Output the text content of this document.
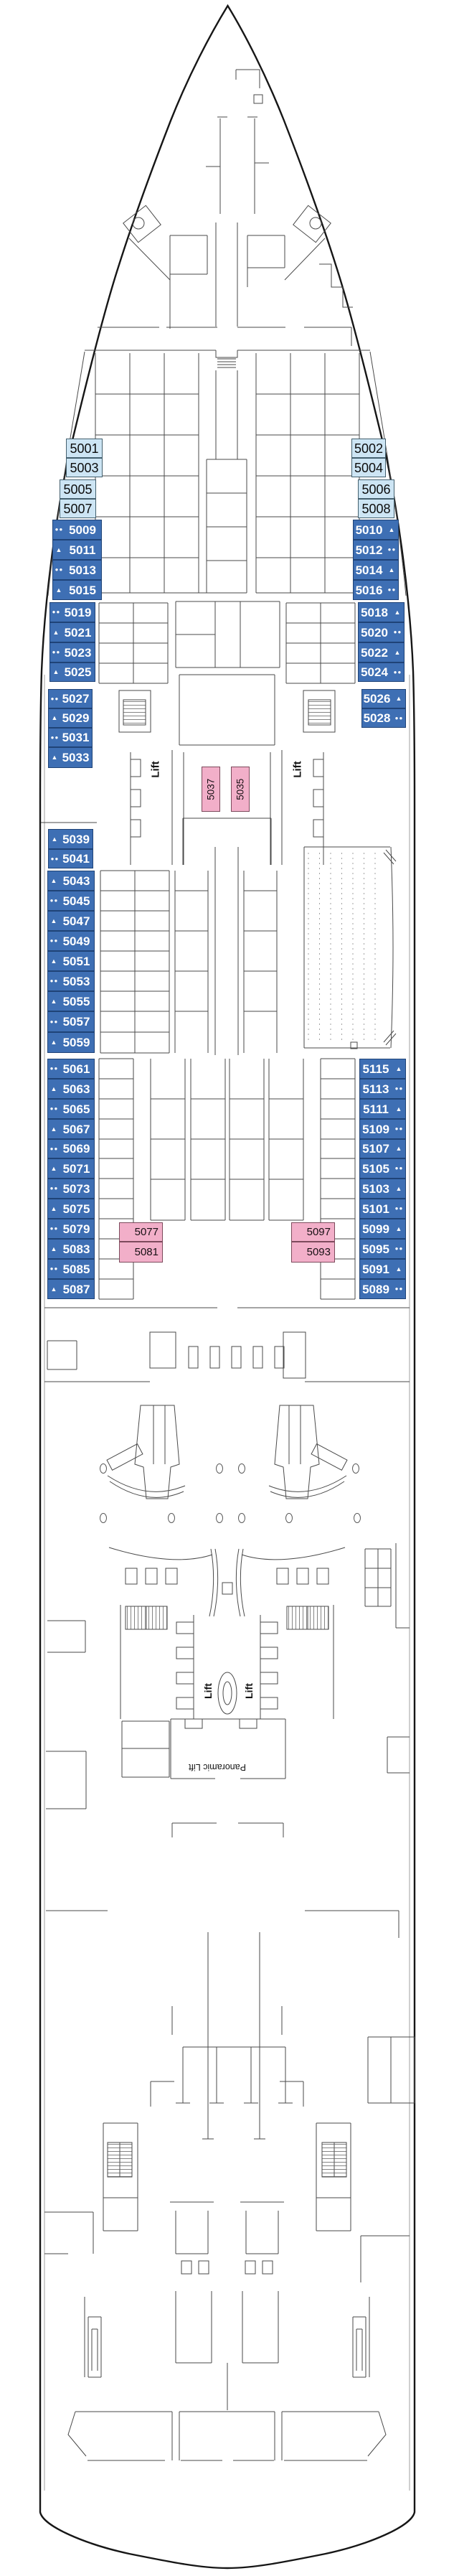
5001
5003
5005
5007
●● 5009
▲ 5011
●● 5013
▲ 5015
●● 5019
▲ 5021
●● 5023
▲ 5025
●● 5027
▲ 5029
●● 5031
▲ 5033
▲ 5039
●● 5041
▲ 5043
●● 5045
▲ 5047
●● 5049
▲ 5051
●● 5053
▲ 5055
●● 5057
▲ 5059
●● 5061
▲ 5063
●● 5065
▲ 5067
●● 5069
▲ 5071
●● 5073
▲ 5075
●● 5079
▲ 5083
●● 5085
▲ 5087
5002
5004
5006
5008
5010 ▲
5012 ●●
5014 ▲
5016 ●●
5018 ▲
5020 ●●
5022 ▲
5024 ●●
5026 ▲
5028 ●●
5115	▲
5113	●●
5111	▲
5109 ●●
5107 ▲
5105 ●●
5103 ▲
5101 ●●
5099 ▲
5095 ●●
5091 ▲
5089 ●●
5037 5035
5077
5081
5097
5093
Lift	Lift
Lift	Lift
Panoramic Lift
